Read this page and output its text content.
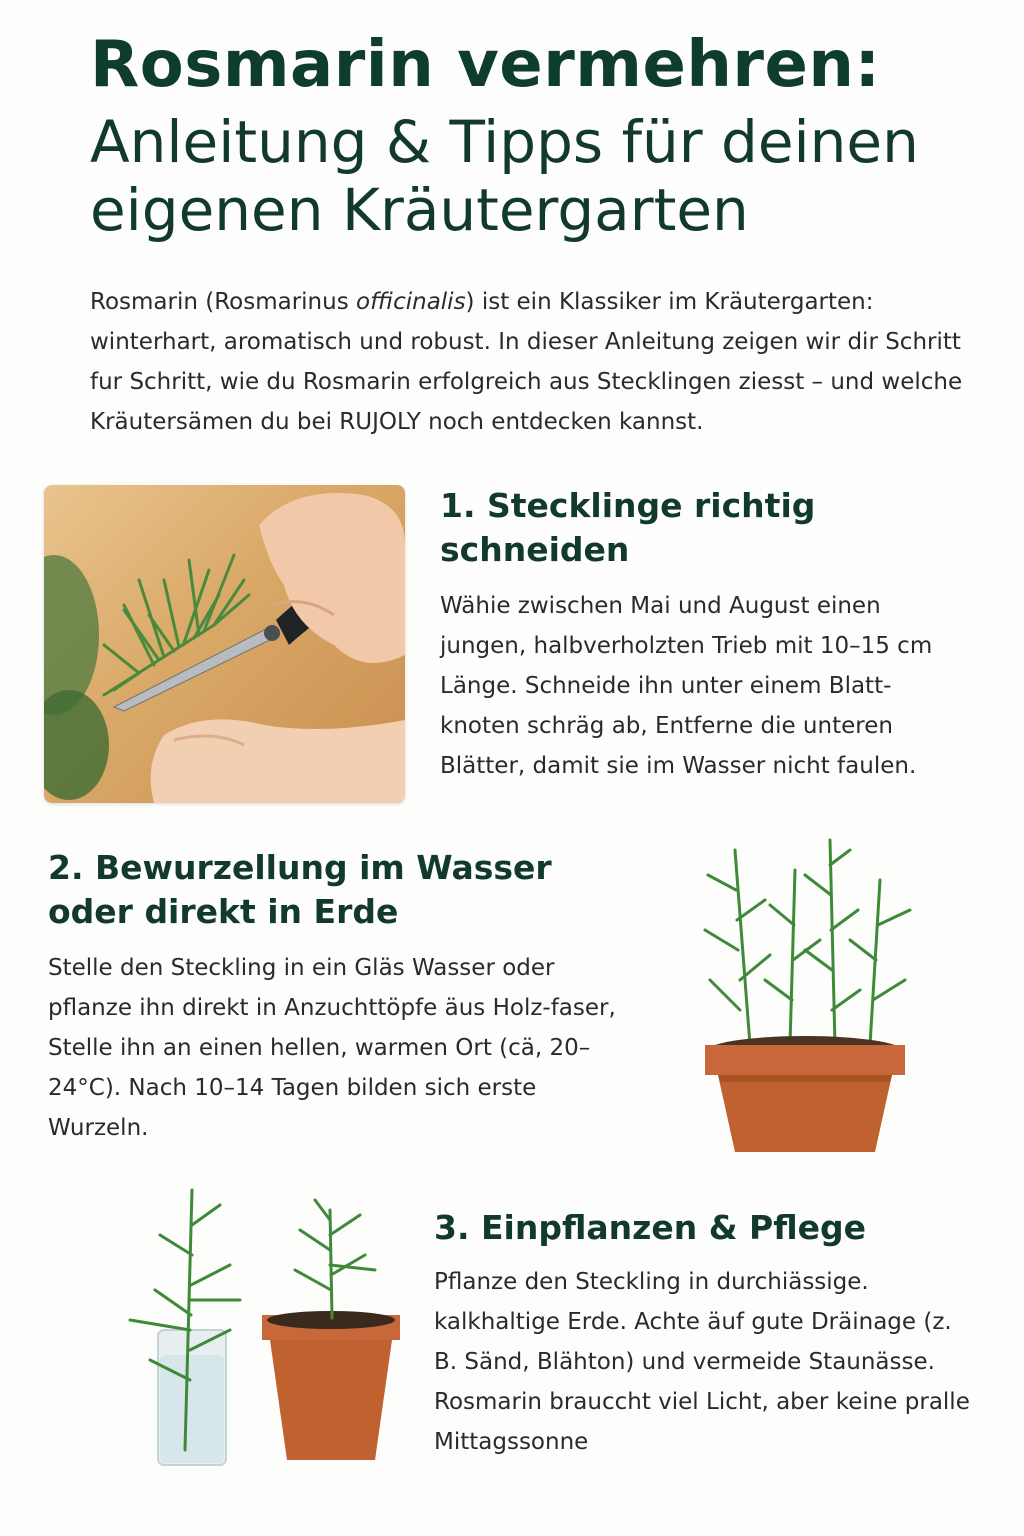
Rosmarin vermehren:
Anleitung & Tipps für deinen eigenen Kräutergarten

Rosmarin (Rosmarinus officinalis) ist ein Klassiker im Kräutergarten: winterhart, aromatisch und robust. In dieser Anleitung zeigen wir dir Schritt fur Schritt, wie du Rosmarin erfolgreich aus Stecklingen ziesst – und welche Kräutersämen du bei RUJOLY noch entdecken kannst.

1. Stecklinge richtig schneiden

Wähie zwischen Mai und August einen jungen, halbverholzten Trieb mit 10–15 cm Länge. Schneide ihn unter einem Blatt-knoten schräg ab, Entferne die unteren Blätter, damit sie im Wasser nicht faulen.

2. Bewurzellung im Wasser oder direkt in Erde

Stelle den Steckling in ein Gläs Wasser oder pflanze ihn direkt in Anzuchttöpfe äus Holz-faser, Stelle ihn an einen hellen, warmen Ort (cä, 20–24°C). Nach 10–14 Tagen bilden sich erste Wurzeln.

3. Einpflanzen & Pflege

Pflanze den Steckling in durchiässige. kalkhaltige Erde. Achte äuf gute Dräinage (z. B. Sänd, Blähton) und vermeide Staunässe. Rosmarin braucсht viel Licht, aber keine pralle Mittagssonne
